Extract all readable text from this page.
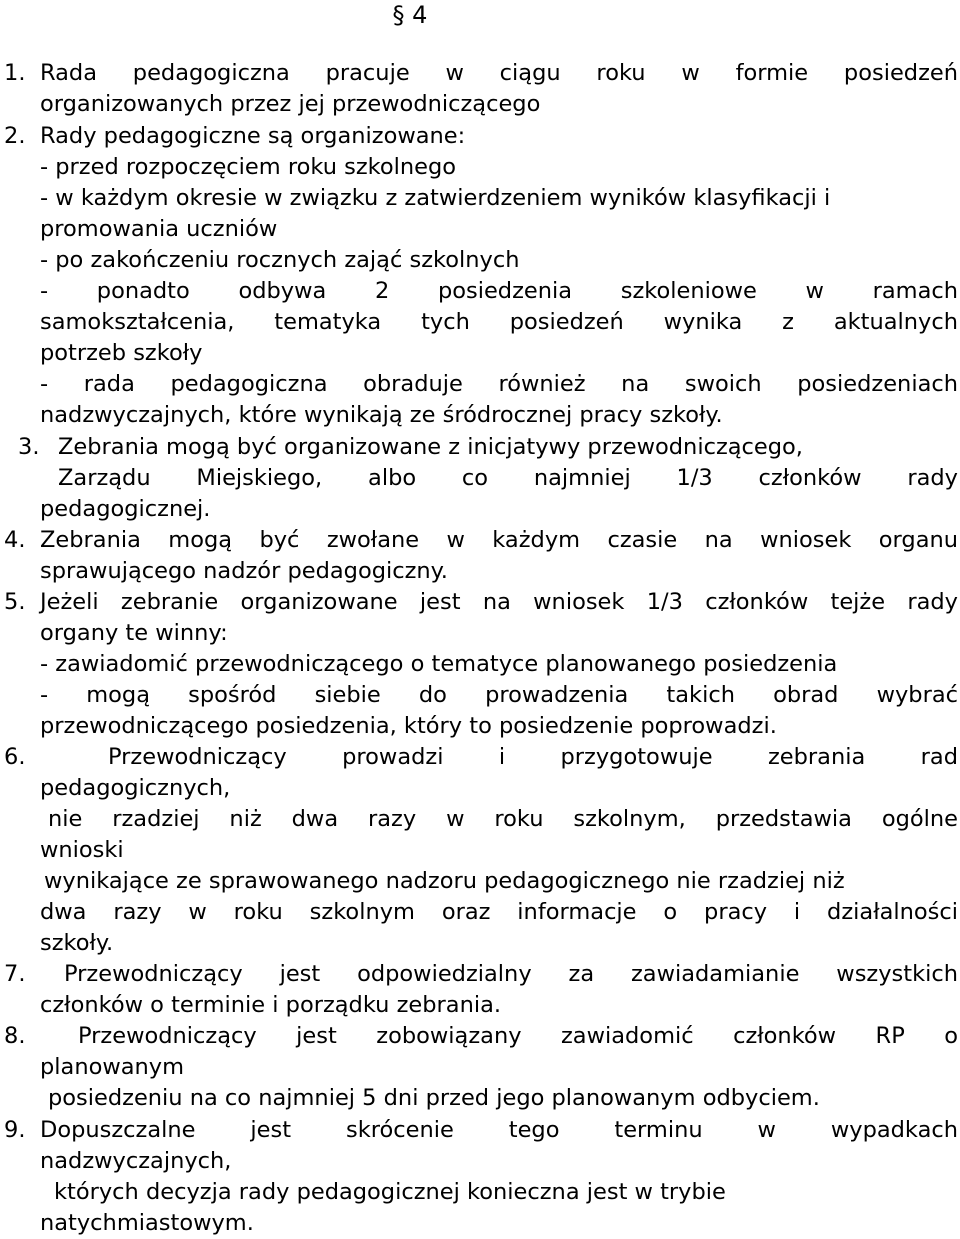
§ 4
1. Rada pedagogiczna pracuje w ciągu roku w formie posiedzeń
organizowanych przez jej przewodniczącego
2. Rady pedagogiczne są organizowane:
- przed rozpoczęciem roku szkolnego
- w każdym okresie w związku z zatwierdzeniem wyników klasyfikacji i
promowania uczniów
- po zakończeniu rocznych zająć szkolnych
- ponadto odbywa 2 posiedzenia szkoleniowe w ramach
samokształcenia, tematyka tych posiedzeń wynika z aktualnych
potrzeb szkoły
- rada pedagogiczna obraduje również na swoich posiedzeniach
nadzwyczajnych, które wynikają ze śródrocznej pracy szkoły.
3. Zebrania mogą być organizowane z inicjatywy przewodniczącego,
Zarządu Miejskiego, albo co najmniej 1/3 członków rady
pedagogicznej.
4. Zebrania mogą być zwołane w każdym czasie na wniosek organu
sprawującego nadzór pedagogiczny.
5. Jeżeli zebranie organizowane jest na wniosek 1/3 członków tejże rady
organy te winny:
- zawiadomić przewodniczącego o tematyce planowanego posiedzenia
- mogą spośród siebie do prowadzenia takich obrad wybrać
przewodniczącego posiedzenia, który to posiedzenie poprowadzi.
6.	Przewodniczący prowadzi i przygotowuje zebrania rad
pedagogicznych,
nie rzadziej niż dwa razy w roku szkolnym, przedstawia ogólne
wnioski
wynikające ze sprawowanego nadzoru pedagogicznego nie rzadziej niż
dwa razy w roku szkolnym oraz informacje o pracy i działalności
szkoły.
7. Przewodniczący jest odpowiedzialny za zawiadamianie wszystkich
członków o terminie i porządku zebrania.
8. Przewodniczący jest zobowiązany zawiadomić członków RP o
planowanym
posiedzeniu na co najmniej 5 dni przed jego planowanym odbyciem.
9. Dopuszczalne jest skrócenie tego terminu w wypadkach
nadzwyczajnych,
których decyzja rady pedagogicznej konieczna jest w trybie
natychmiastowym.
